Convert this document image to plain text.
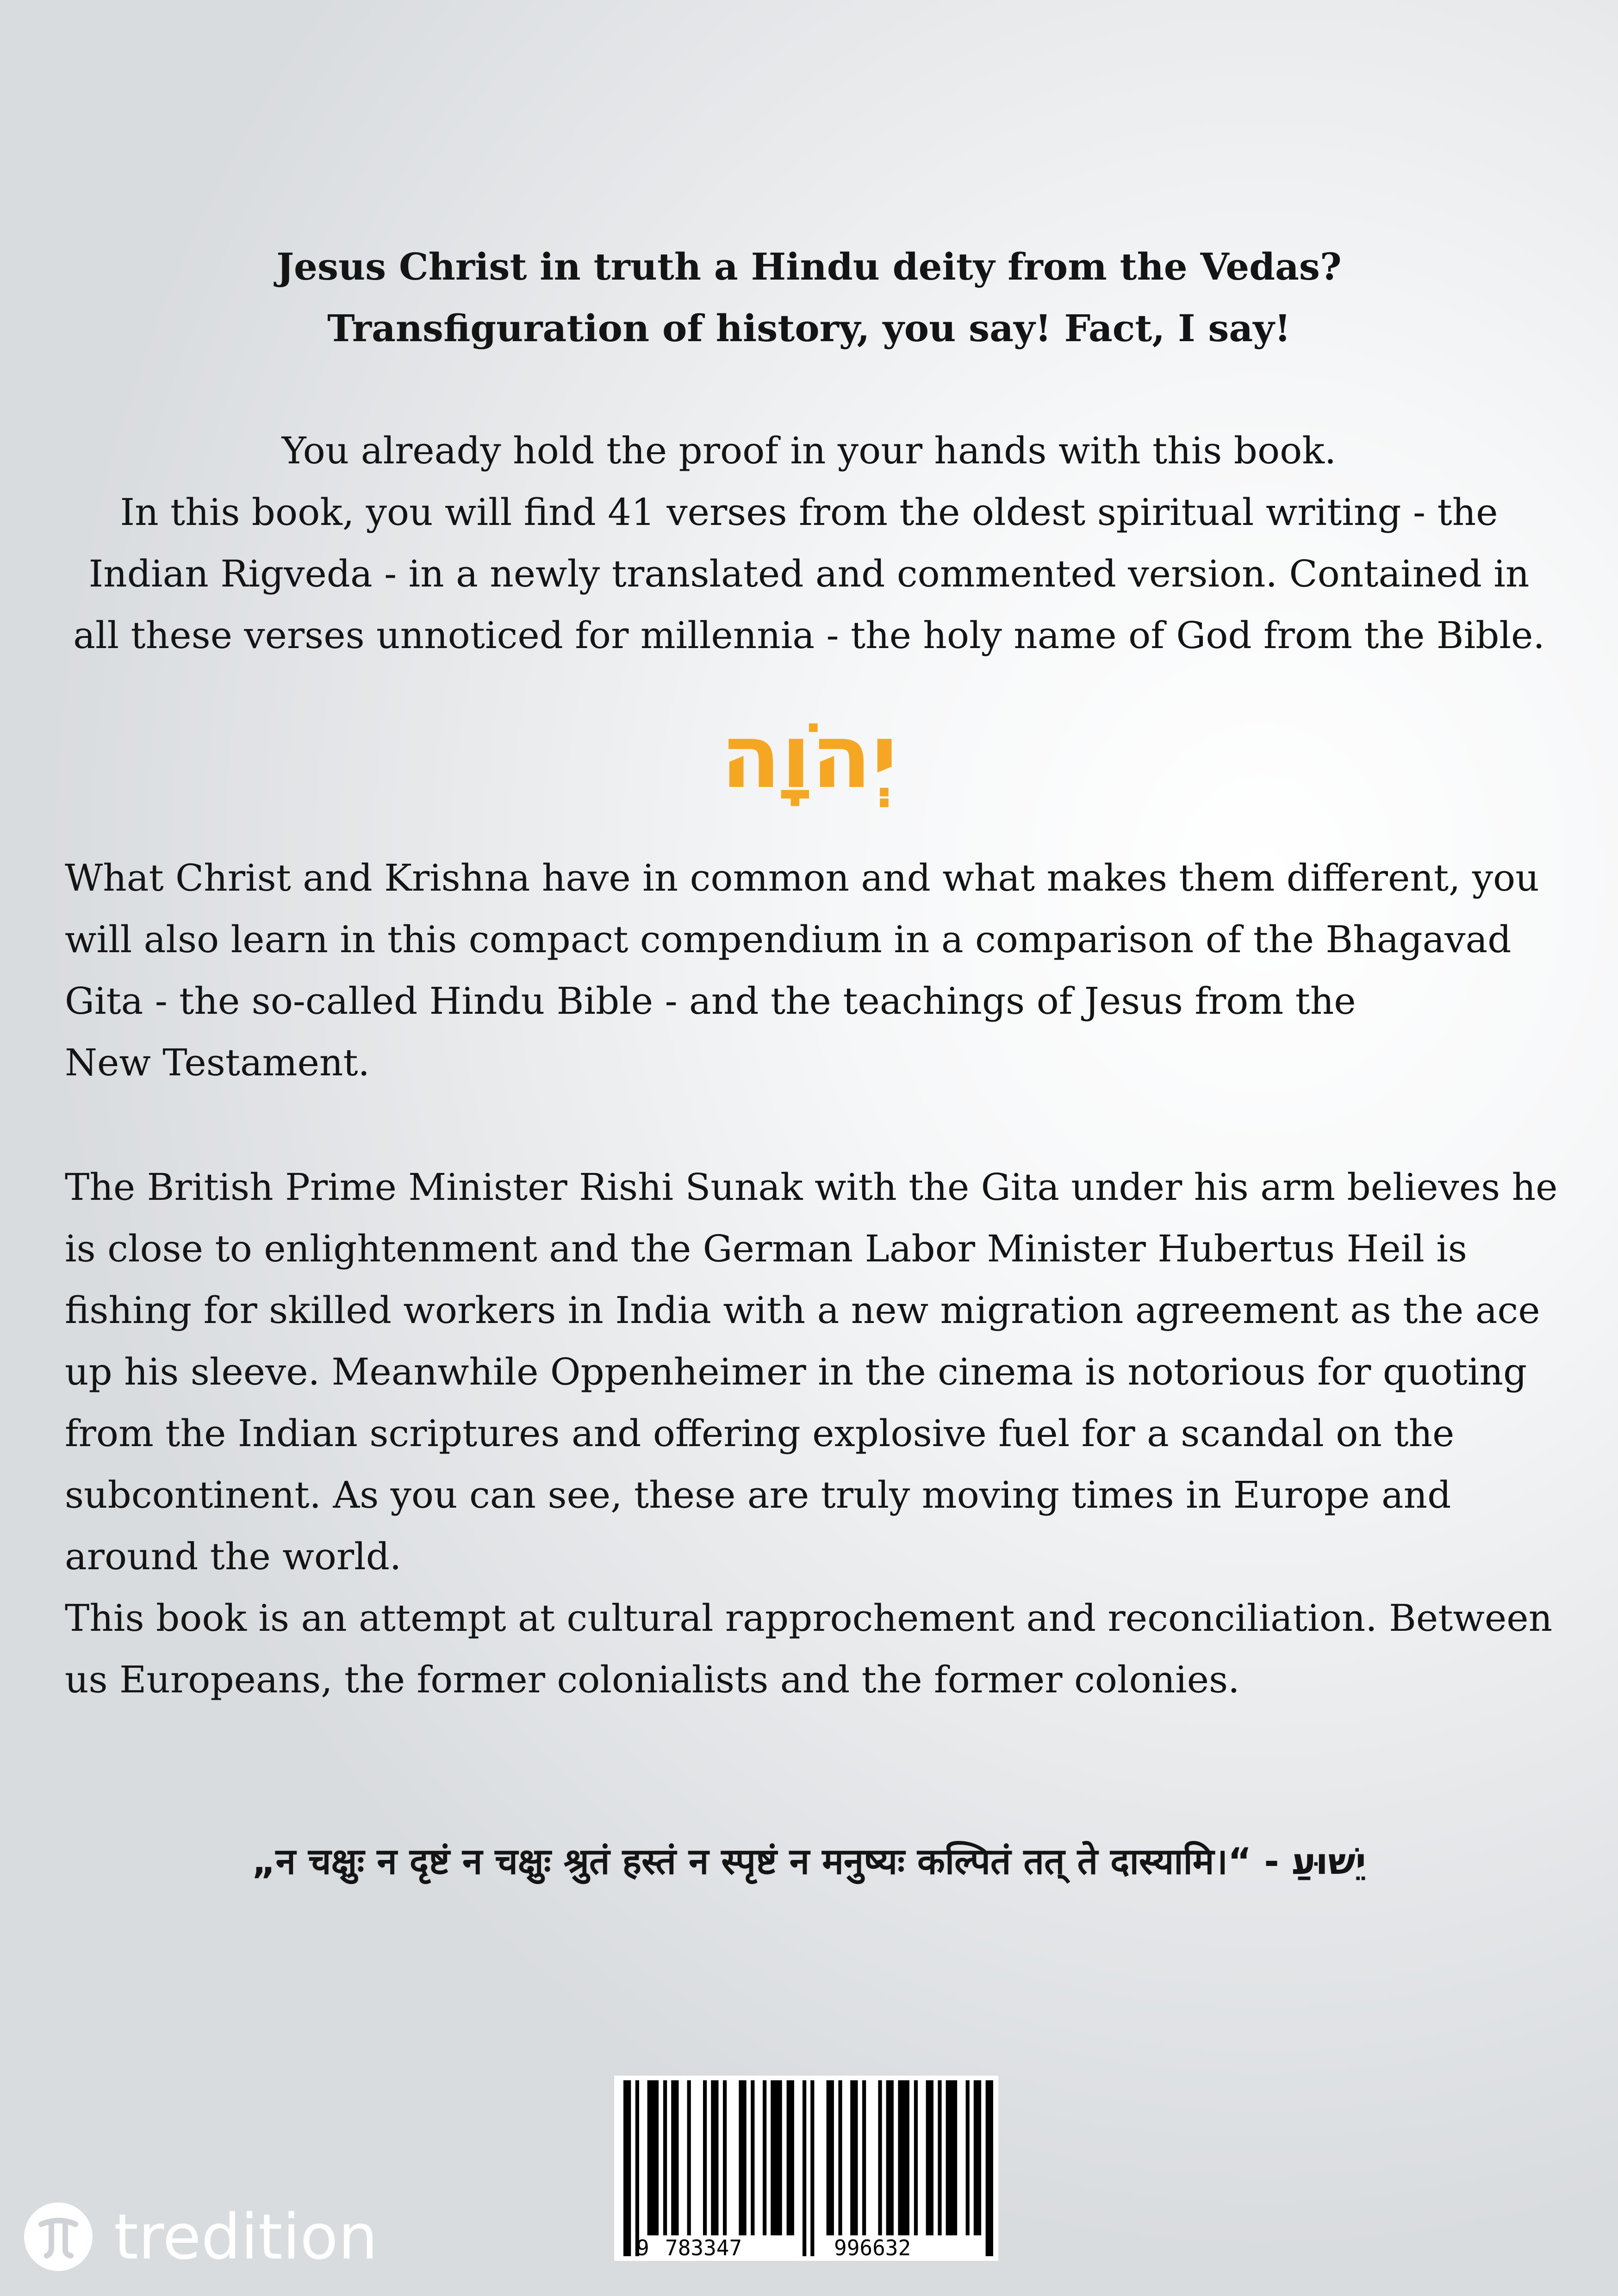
Jesus Christ in truth a Hindu deity from the Vedas?
Transfiguration of history, you say! Fact, I say!
You already hold the proof in your hands with this book.
In this book, you will find 41 verses from the oldest spiritual writing - the
Indian Rigveda - in a newly translated and commented version. Contained in
all these verses unnoticed for millennia - the holy name of God from the Bible.
יְהֹוָה
What Christ and Krishna have in common and what makes them different, you
will also learn in this compact compendium in a comparison of the Bhagavad
Gita - the so-called Hindu Bible - and the teachings of Jesus from the
New Testament.
The British Prime Minister Rishi Sunak with the Gita under his arm believes he
is close to enlightenment and the German Labor Minister Hubertus Heil is
fishing for skilled workers in India with a new migration agreement as the ace
up his sleeve. Meanwhile Oppenheimer in the cinema is notorious for quoting
from the Indian scriptures and offering explosive fuel for a scandal on the
subcontinent. As you can see, these are truly moving times in Europe and
around the world.
This book is an attempt at cultural rapprochement and reconciliation. Between
us Europeans, the former colonialists and the former colonies.
„न चक्षुः न दृष्टं न चक्षुः श्रुतं हस्तं न स्पृष्टं न मनुष्यः कल्पितं तत् ते दास्यामि।“ - יֵשׁוּעַ
9 783347	996632
tredition
